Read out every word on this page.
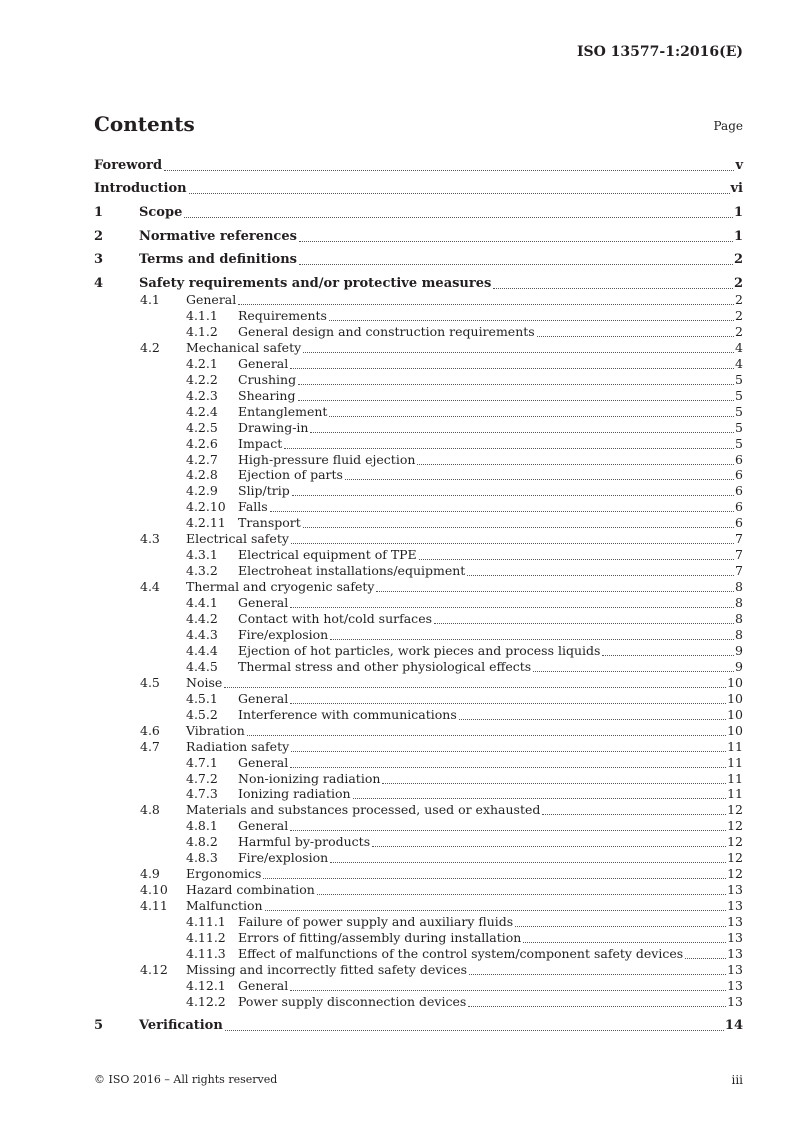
ISO 13577-1:2016(E)
Contents	Page
Foreword	v
Introduction	vi
1	Scope	1
2	Normative references	1
3	Terms and definitions	2
4	Safety requirements and/or protective measures	2
4.1	General	2
4.1.1	Requirements	2
4.1.2	General design and construction requirements	2
4.2	Mechanical safety	4
4.2.1	General	4
4.2.2	Crushing	5
4.2.3	Shearing	5
4.2.4	Entanglement	5
4.2.5	Drawing-in	5
4.2.6	Impact	5
4.2.7	High-pressure fluid ejection	6
4.2.8	Ejection of parts	6
4.2.9	Slip/trip	6
4.2.10 Falls	6
4.2.11 Transport	6
4.3	Electrical safety	7
4.3.1	Electrical equipment of TPE	7
4.3.2	Electroheat installations/equipment	7
4.4	Thermal and cryogenic safety	8
4.4.1	General	8
4.4.2	Contact with hot/cold surfaces	8
4.4.3	Fire/explosion	8
4.4.4	Ejection of hot particles, work pieces and process liquids	9
4.4.5	Thermal stress and other physiological effects	9
4.5	Noise	10
4.5.1	General	10
4.5.2	Interference with communications	10
4.6	Vibration	10
4.7	Radiation safety	11
4.7.1	General	11
4.7.2	Non-ionizing radiation	11
4.7.3	Ionizing radiation	11
4.8	Materials and substances processed, used or exhausted	12
4.8.1	General	12
4.8.2	Harmful by-products	12
4.8.3	Fire/explosion	12
4.9	Ergonomics	12
4.10	Hazard combination	13
4.11	Malfunction	13
4.11.1 Failure of power supply and auxiliary fluids	13
4.11.2 Errors of fitting/assembly during installation	13
4.11.3 Effect of malfunctions of the control system/component safety devices	13
4.12	Missing and incorrectly fitted safety devices	13
4.12.1 General	13
4.12.2 Power supply disconnection devices	13
5	Verification	14
© ISO 2016 – All rights reserved	iii
